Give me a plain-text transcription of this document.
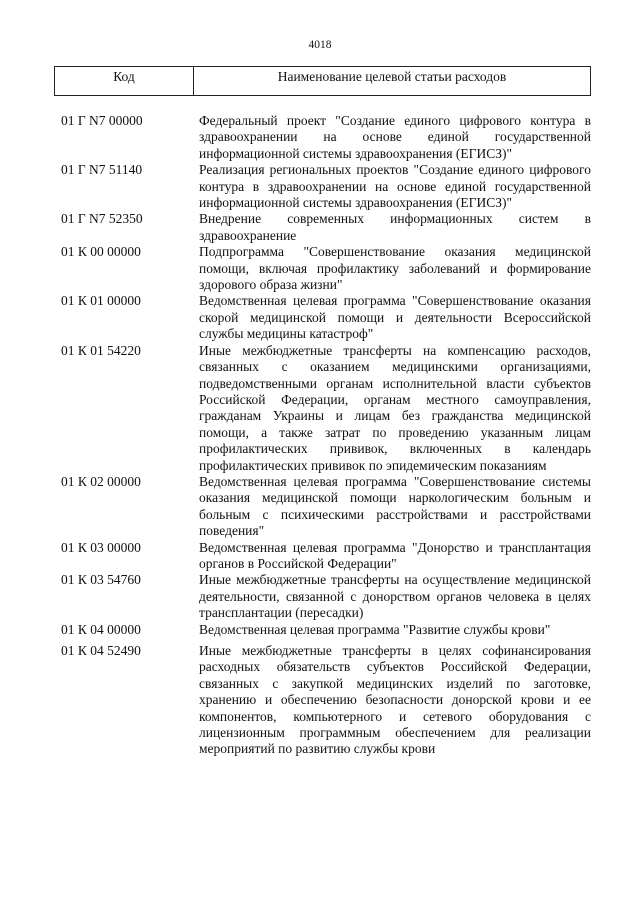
4018
Код	Наименование целевой статьи расходов
01 Г N7 00000	Федеральный проект "Создание единого цифрового контура в здравоохранении на основе единой государственной информационной системы здравоохранения (ЕГИСЗ)"
01 Г N7 51140	Реализация региональных проектов "Создание единого цифрового контура в здравоохранении на основе единой государственной информационной системы здравоохранения (ЕГИСЗ)"
01 Г N7 52350	Внедрение современных информационных систем в здравоохранение
01 К 00 00000	Подпрограмма "Совершенствование оказания медицинской помощи, включая профилактику заболеваний и формирование здорового образа жизни"
01 К 01 00000	Ведомственная целевая программа "Совершенствование оказания скорой медицинской помощи и деятельности Всероссийской службы медицины катастроф"
01 К 01 54220	Иные межбюджетные трансферты на компенсацию расходов, связанных с оказанием медицинскими организациями, подведомственными органам исполнительной власти субъектов Российской Федерации, органам местного самоуправления, гражданам Украины и лицам без гражданства медицинской помощи, а также затрат по проведению указанным лицам профилактических прививок, включенных в календарь профилактических прививок по эпидемическим показаниям
01 К 02 00000	Ведомственная целевая программа "Совершенствование системы оказания медицинской помощи наркологическим больным и больным с психическими расстройствами и расстройствами поведения"
01 К 03 00000	Ведомственная целевая программа "Донорство и трансплантация органов в Российской Федерации"
01 К 03 54760	Иные межбюджетные трансферты на осуществление медицинской деятельности, связанной с донорством органов человека в целях трансплантации (пересадки)
01 К 04 00000	Ведомственная целевая программа "Развитие службы крови"
01 К 04 52490	Иные межбюджетные трансферты в целях софинансирования расходных обязательств субъектов Российской Федерации, связанных с закупкой медицинских изделий по заготовке, хранению и обеспечению безопасности донорской крови и ее компонентов, компьютерного и сетевого оборудования с лицензионным программным обеспечением для реализации мероприятий по развитию службы крови
